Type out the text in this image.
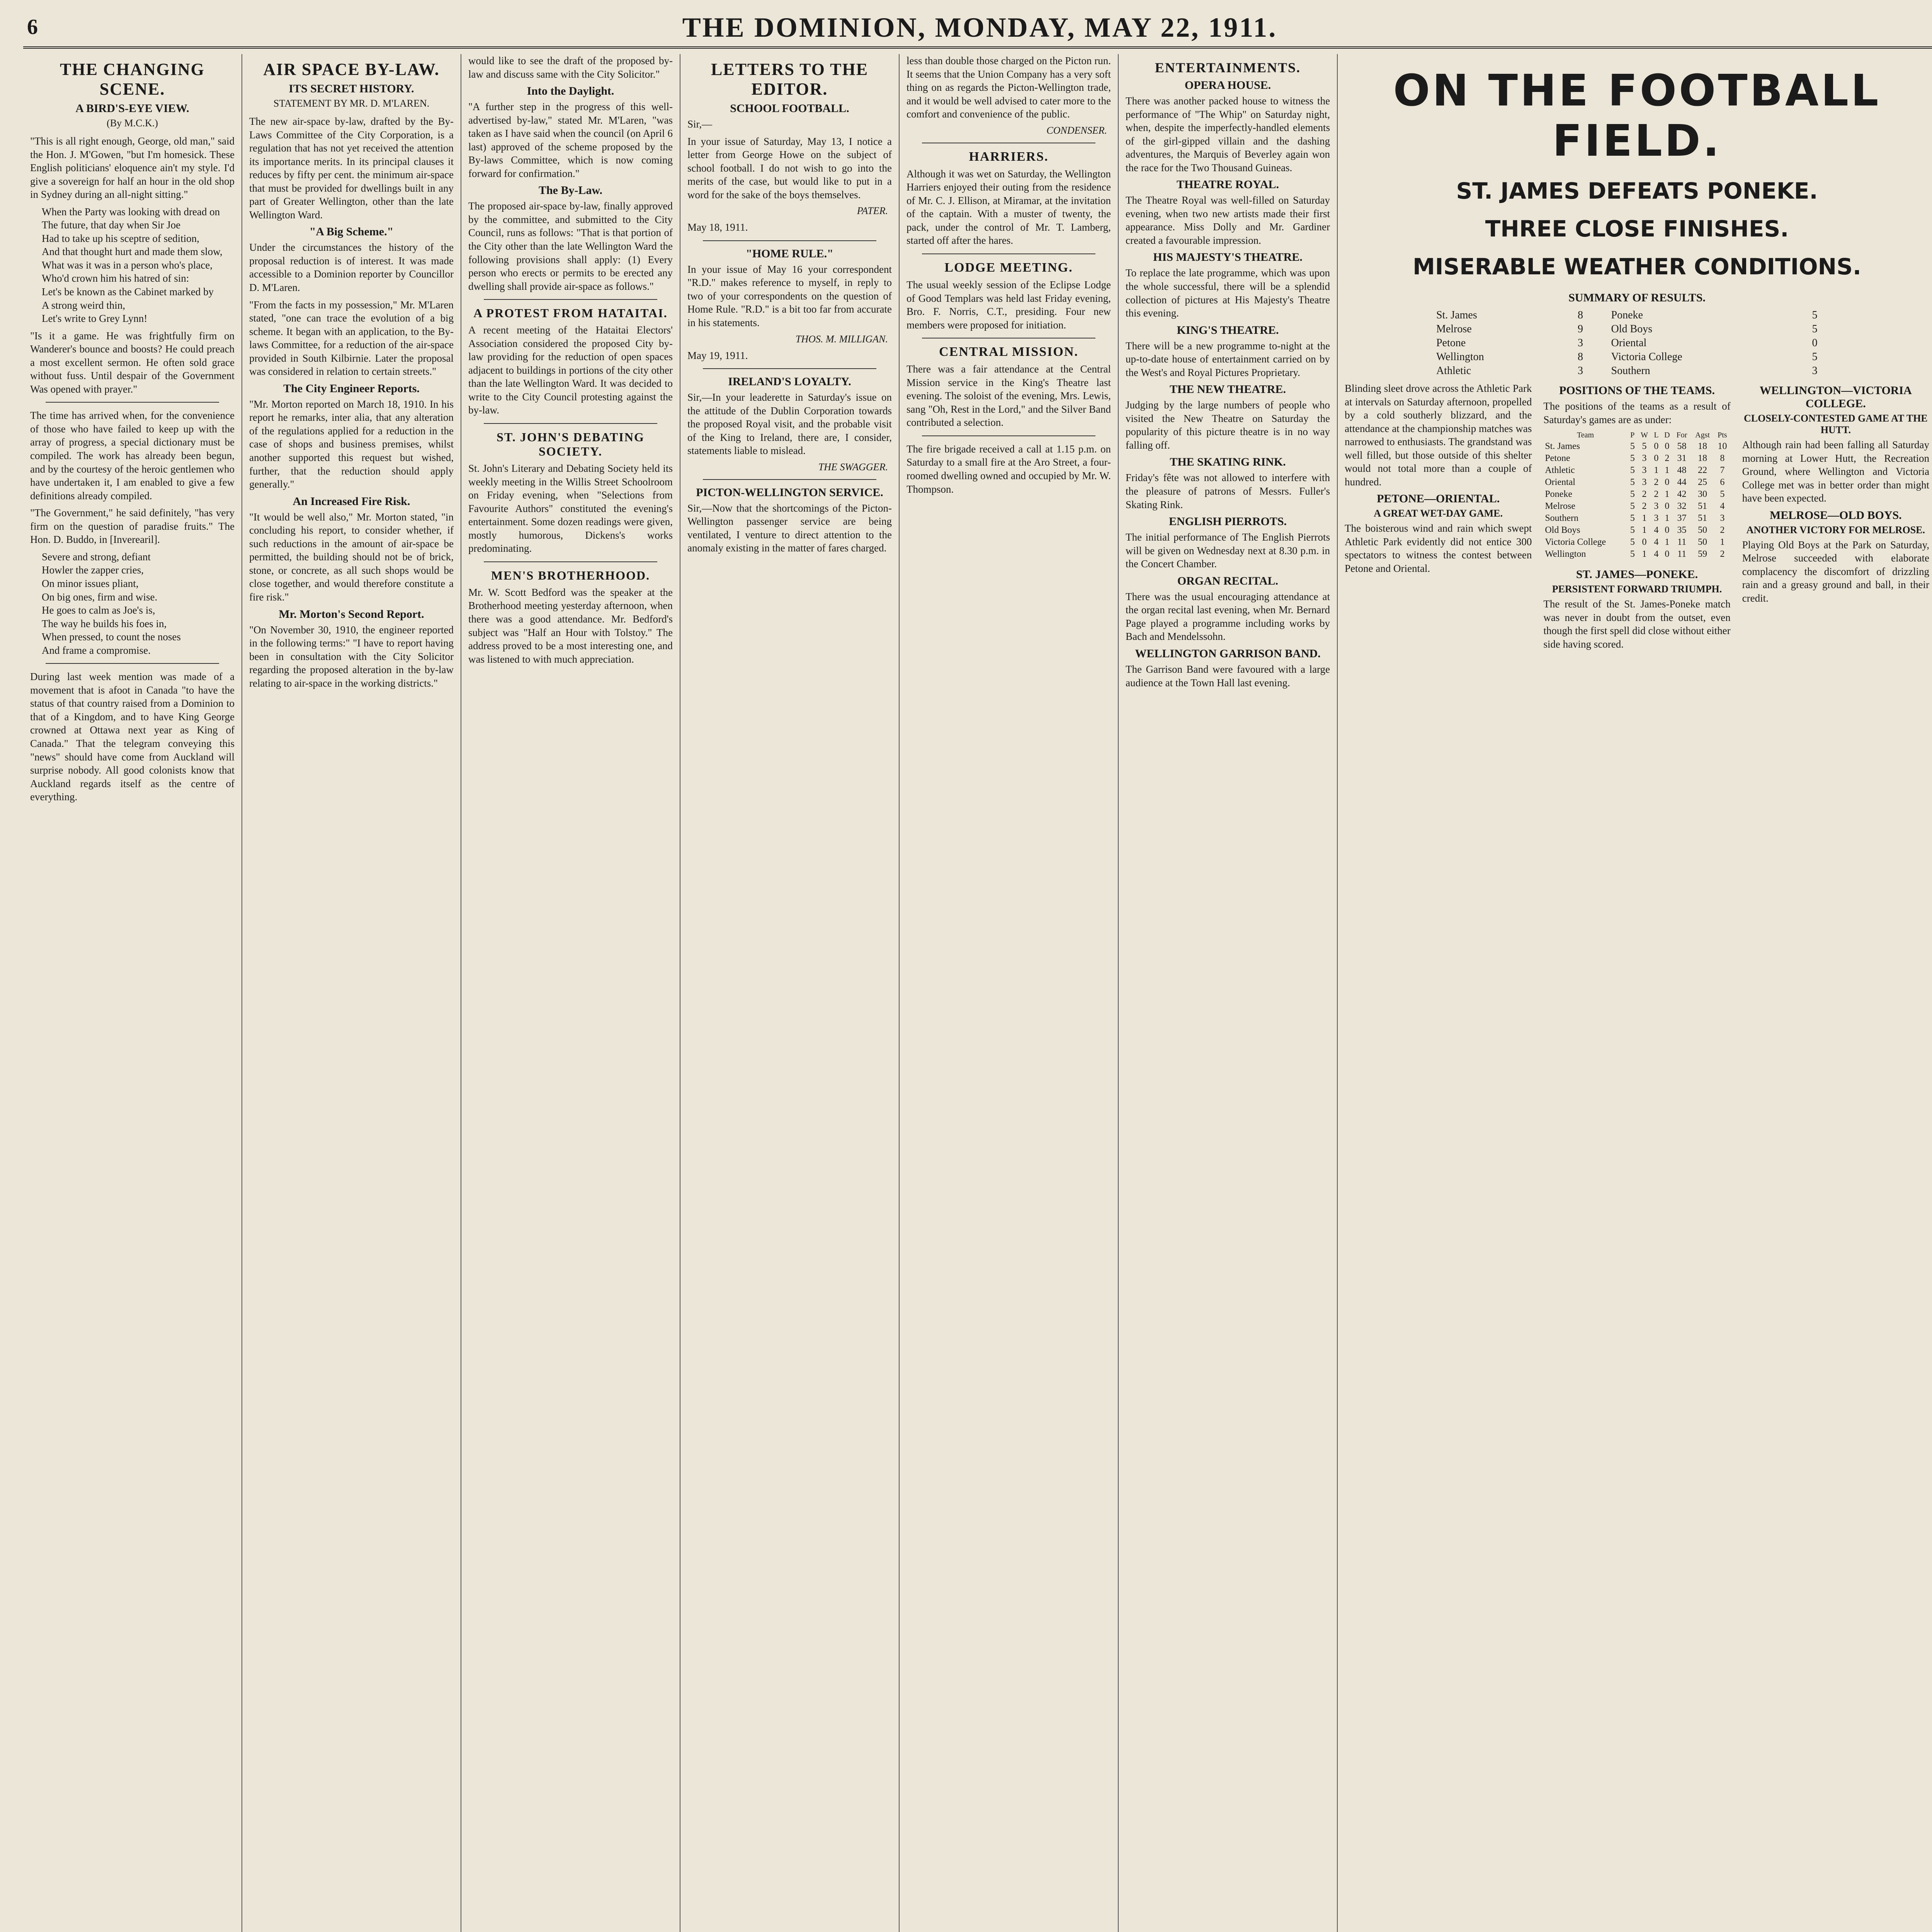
6	THE DOMINION, MONDAY, MAY 22, 1911.
THE CHANGING SCENE.
A BIRD'S-EYE VIEW.
(By M.C.K.)

"This is all right enough, George, old man," said the Hon. J. M'Gowen, "but I'm homesick. These English politicians' eloquence ain't my style. I'd give a sovereign for half an hour in the old shop in Sydney during an all-night sitting."

When the Party was looking with dread on
The future, that day when Sir Joe
Had to take up his sceptre of sedition,
And that thought hurt and made them slow,
What was it was in a person who's place,
Who'd crown him his hatred of sin:
Let's be known as the Cabinet marked by
A strong weird thin,
Let's write to Grey Lynn!

"Is it a game. He was frightfully firm on Wanderer's bounce and boosts? He could preach a most excellent sermon. He often sold grace without fuss. Until despair of the Government Was opened with prayer."

The time has arrived when, for the convenience of those who have failed to keep up with the array of progress, a special dictionary must be compiled. The work has already been begun, and by the courtesy of the heroic gentlemen who have undertaken it, I am enabled to give a few definitions already compiled.

"The Government," he said definitely, "has very firm on the question of paradise fruits." The Hon. D. Buddo, in [Inverearil].

Severe and strong, defiant
Howler the zapper cries,
On minor issues pliant,
On big ones, firm and wise.
He goes to calm as Joe's is,
The way he builds his foes in,
When pressed, to count the noses
And frame a compromise.

During last week mention was made of a movement that is afoot in Canada "to have the status of that country raised from a Dominion to that of a Kingdom, and to have King George crowned at Ottawa next year as King of Canada." That the telegram conveying this "news" should have come from Auckland will surprise nobody. All good colonists know that Auckland regards itself as the centre of everything.

AIR SPACE BY-LAW.
ITS SECRET HISTORY.
STATEMENT BY MR. D. M'LAREN.

The new air-space by-law, drafted by the By-Laws Committee of the City Corporation, is a regulation that has not yet received the attention its importance merits. In its principal clauses it reduces by fifty per cent. the minimum air-space that must be provided for dwellings built in any part of Greater Wellington, other than the late Wellington Ward.

"A Big Scheme."

Under the circumstances the history of the proposal reduction is of interest. It was made accessible to a Dominion reporter by Councillor D. M'Laren.

"From the facts in my possession," Mr. M'Laren stated, "one can trace the evolution of a big scheme. It began with an application, to the By-laws Committee, for a reduction of the air-space provided in South Kilbirnie. Later the proposal was considered in relation to certain streets."

The City Engineer Reports.

"Mr. Morton reported on March 18, 1910. In his report he remarks, inter alia, that any alteration of the regulations applied for a reduction in the case of shops and business premises, whilst another supported this request but wished, further, that the reduction should apply generally."

An Increased Fire Risk.

"It would be well also," Mr. Morton stated, "in concluding his report, to consider whether, if such reductions in the amount of air-space be permitted, the building should not be of brick, stone, or concrete, as all such shops would be close together, and would therefore constitute a fire risk."

Mr. Morton's Second Report.

"On November 30, 1910, the engineer reported in the following terms:" "I have to report having been in consultation with the City Solicitor regarding the proposed alteration in the by-law relating to air-space in the working districts."

would like to see the draft of the proposed by-law and discuss same with the City Solicitor."

Into the Daylight.

"A further step in the progress of this well-advertised by-law," stated Mr. M'Laren, "was taken as I have said when the council (on April 6 last) approved of the scheme proposed by the By-laws Committee, which is now coming forward for confirmation."

The By-Law.

The proposed air-space by-law, finally approved by the committee, and submitted to the City Council, runs as follows: "That is that portion of the City other than the late Wellington Ward the following provisions shall apply: (1) Every person who erects or permits to be erected any dwelling shall provide air-space as follows."

A PROTEST FROM HATAITAI.

A recent meeting of the Hataitai Electors' Association considered the proposed City by-law providing for the reduction of open spaces adjacent to buildings in portions of the city other than the late Wellington Ward. It was decided to write to the City Council protesting against the by-law.

ST. JOHN'S DEBATING SOCIETY.

St. John's Literary and Debating Society held its weekly meeting in the Willis Street Schoolroom on Friday evening, when "Selections from Favourite Authors" constituted the evening's entertainment. Some dozen readings were given, mostly humorous, Dickens's works predominating.

MEN'S BROTHERHOOD.

Mr. W. Scott Bedford was the speaker at the Brotherhood meeting yesterday afternoon, when there was a good attendance. Mr. Bedford's subject was "Half an Hour with Tolstoy." The address proved to be a most interesting one, and was listened to with much appreciation.

LETTERS TO THE EDITOR.
SCHOOL FOOTBALL.

Sir,—

In your issue of Saturday, May 13, I notice a letter from George Howe on the subject of school football. I do not wish to go into the merits of the case, but would like to put in a word for the sake of the boys themselves.

PATER.
May 18, 1911.
"HOME RULE."

In your issue of May 16 your correspondent "R.D." makes reference to myself, in reply to two of your correspondents on the question of Home Rule. "R.D." is a bit too far from accurate in his statements.

THOS. M. MILLIGAN.
May 19, 1911.
IRELAND'S LOYALTY.

Sir,—In your leaderette in Saturday's issue on the attitude of the Dublin Corporation towards the proposed Royal visit, and the probable visit of the King to Ireland, there are, I consider, statements liable to mislead.

THE SWAGGER.
PICTON-WELLINGTON SERVICE.

Sir,—Now that the shortcomings of the Picton-Wellington passenger service are being ventilated, I venture to direct attention to the anomaly existing in the matter of fares charged.

less than double those charged on the Picton run. It seems that the Union Company has a very soft thing on as regards the Picton-Wellington trade, and it would be well advised to cater more to the comfort and convenience of the public.

CONDENSER.
HARRIERS.

Although it was wet on Saturday, the Wellington Harriers enjoyed their outing from the residence of Mr. C. J. Ellison, at Miramar, at the invitation of the captain. With a muster of twenty, the pack, under the control of Mr. T. Lamberg, started off after the hares.

LODGE MEETING.

The usual weekly session of the Eclipse Lodge of Good Templars was held last Friday evening, Bro. F. Norris, C.T., presiding. Four new members were proposed for initiation.

CENTRAL MISSION.

There was a fair attendance at the Central Mission service in the King's Theatre last evening. The soloist of the evening, Mrs. Lewis, sang "Oh, Rest in the Lord," and the Silver Band contributed a selection.

The fire brigade received a call at 1.15 p.m. on Saturday to a small fire at the Aro Street, a four-roomed dwelling owned and occupied by Mr. W. Thompson.

ENTERTAINMENTS.
OPERA HOUSE.

There was another packed house to witness the performance of "The Whip" on Saturday night, when, despite the imperfectly-handled elements of the girl-gipped villain and the dashing adventures, the Marquis of Beverley again won the race for the Two Thousand Guineas.

THEATRE ROYAL.

The Theatre Royal was well-filled on Saturday evening, when two new artists made their first appearance. Miss Dolly and Mr. Gardiner created a favourable impression.

HIS MAJESTY'S THEATRE.

To replace the late programme, which was upon the whole successful, there will be a splendid collection of pictures at His Majesty's Theatre this evening.

KING'S THEATRE.

There will be a new programme to-night at the up-to-date house of entertainment carried on by the West's and Royal Pictures Proprietary.

THE NEW THEATRE.

Judging by the large numbers of people who visited the New Theatre on Saturday the popularity of this picture theatre is in no way falling off.

THE SKATING RINK.

Friday's fête was not allowed to interfere with the pleasure of patrons of Messrs. Fuller's Skating Rink.

ENGLISH PIERROTS.

The initial performance of The English Pierrots will be given on Wednesday next at 8.30 p.m. in the Concert Chamber.

ORGAN RECITAL.

There was the usual encouraging attendance at the organ recital last evening, when Mr. Bernard Page played a programme including works by Bach and Mendelssohn.

WELLINGTON GARRISON BAND.

The Garrison Band were favoured with a large audience at the Town Hall last evening.

ON THE FOOTBALL FIELD.
ST. JAMES DEFEATS PONEKE.
THREE CLOSE FINISHES.
MISERABLE WEATHER CONDITIONS.
SUMMARY OF RESULTS.
St. James	8	Poneke	5
Melrose	9	Old Boys	5
Petone	3	Oriental	0
Wellington	8	Victoria College	5
Athletic	3	Southern	3

Blinding sleet drove across the Athletic Park at intervals on Saturday afternoon, propelled by a cold southerly blizzard, and the attendance at the championship matches was narrowed to enthusiasts. The grandstand was well filled, but those outside of this shelter would not total more than a couple of hundred.

PETONE—ORIENTAL.
A GREAT WET-DAY GAME.

The boisterous wind and rain which swept Athletic Park evidently did not entice 300 spectators to witness the contest between Petone and Oriental.

POSITIONS OF THE TEAMS.

The positions of the teams as a result of Saturday's games are as under:

Team	P	W	L	D	For	Agst	Pts
St. James	5	5	0	0	58	18	10
Petone	5	3	0	2	31	18	8
Athletic	5	3	1	1	48	22	7
Oriental	5	3	2	0	44	25	6
Poneke	5	2	2	1	42	30	5
Melrose	5	2	3	0	32	51	4
Southern	5	1	3	1	37	51	3
Old Boys	5	1	4	0	35	50	2
Victoria College	5	0	4	1	11	50	1
Wellington	5	1	4	0	11	59	2
ST. JAMES—PONEKE.
PERSISTENT FORWARD TRIUMPH.

The result of the St. James-Poneke match was never in doubt from the outset, even though the first spell did close without either side having scored.

WELLINGTON—VICTORIA COLLEGE.
CLOSELY-CONTESTED GAME AT THE HUTT.

Although rain had been falling all Saturday morning at Lower Hutt, the Recreation Ground, where Wellington and Victoria College met was in better order than might have been expected.

MELROSE—OLD BOYS.
ANOTHER VICTORY FOR MELROSE.

Playing Old Boys at the Park on Saturday, Melrose succeeded with elaborate complacency the discomfort of drizzling rain and a greasy ground and ball, in their credit.
